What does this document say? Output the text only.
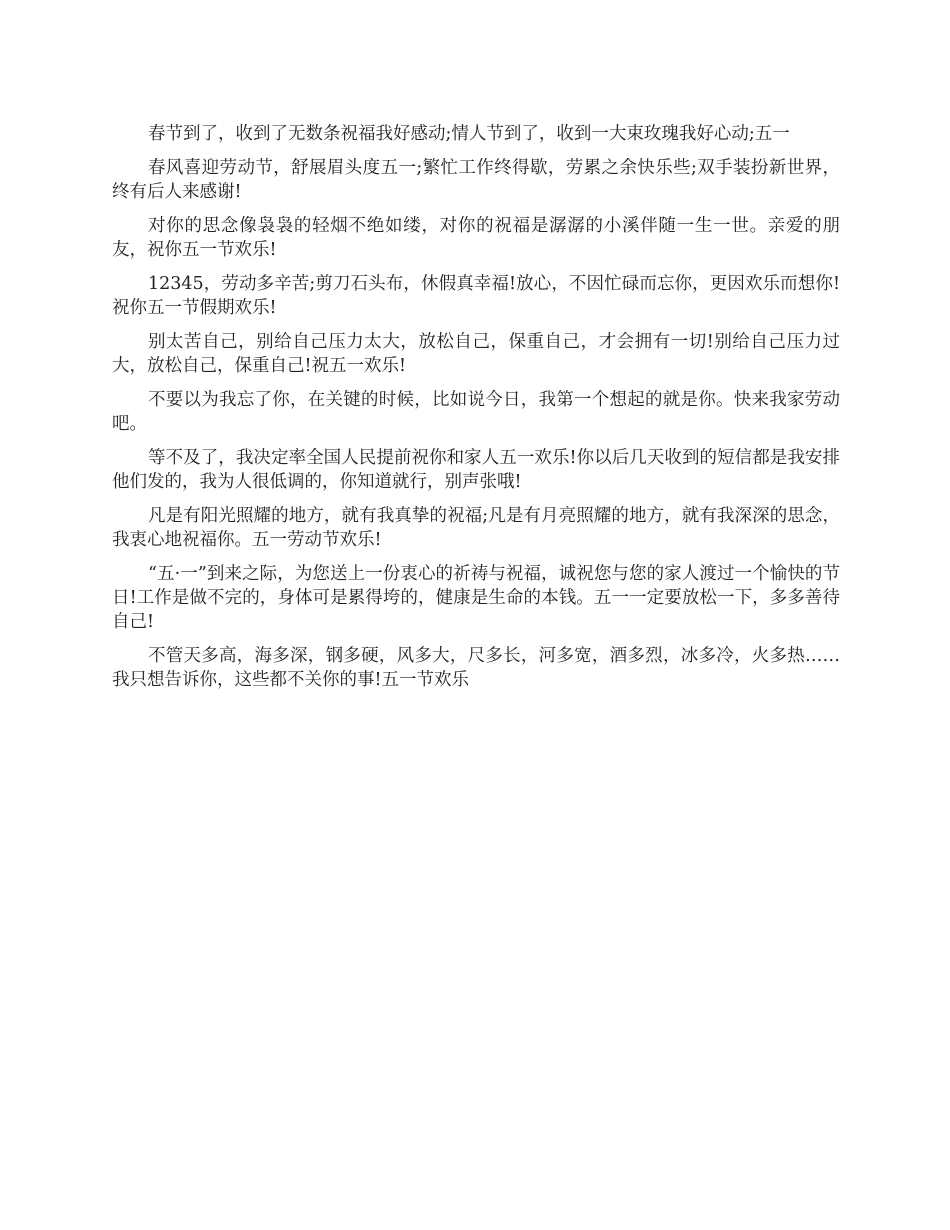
春节到了，收到了无数条祝福我好感动;情人节到了，收到一大束玫瑰我好心动;五一

春风喜迎劳动节，舒展眉头度五一;繁忙工作终得歇，劳累之余快乐些;双手装扮新世界，终有后人来感谢!

对你的思念像袅袅的轻烟不绝如缕，对你的祝福是潺潺的小溪伴随一生一世。亲爱的朋友，祝你五一节欢乐!

12345，劳动多辛苦;剪刀石头布，休假真幸福!放心，不因忙碌而忘你，更因欢乐而想你!祝你五一节假期欢乐!

别太苦自己，别给自己压力太大，放松自己，保重自己，才会拥有一切!别给自己压力过大，放松自己，保重自己!祝五一欢乐!

不要以为我忘了你，在关键的时候，比如说今日，我第一个想起的就是你。快来我家劳动吧。

等不及了，我决定率全国人民提前祝你和家人五一欢乐!你以后几天收到的短信都是我安排他们发的，我为人很低调的，你知道就行，别声张哦!

凡是有阳光照耀的地方，就有我真挚的祝福;凡是有月亮照耀的地方，就有我深深的思念，我衷心地祝福你。五一劳动节欢乐!

“五·一”到来之际，为您送上一份衷心的祈祷与祝福，诚祝您与您的家人渡过一个愉快的节日!工作是做不完的，身体可是累得垮的，健康是生命的本钱。五一一定要放松一下，多多善待自己!

不管天多高，海多深，钢多硬，风多大，尺多长，河多宽，酒多烈，冰多冷，火多热……我只想告诉你，这些都不关你的事!五一节欢乐
